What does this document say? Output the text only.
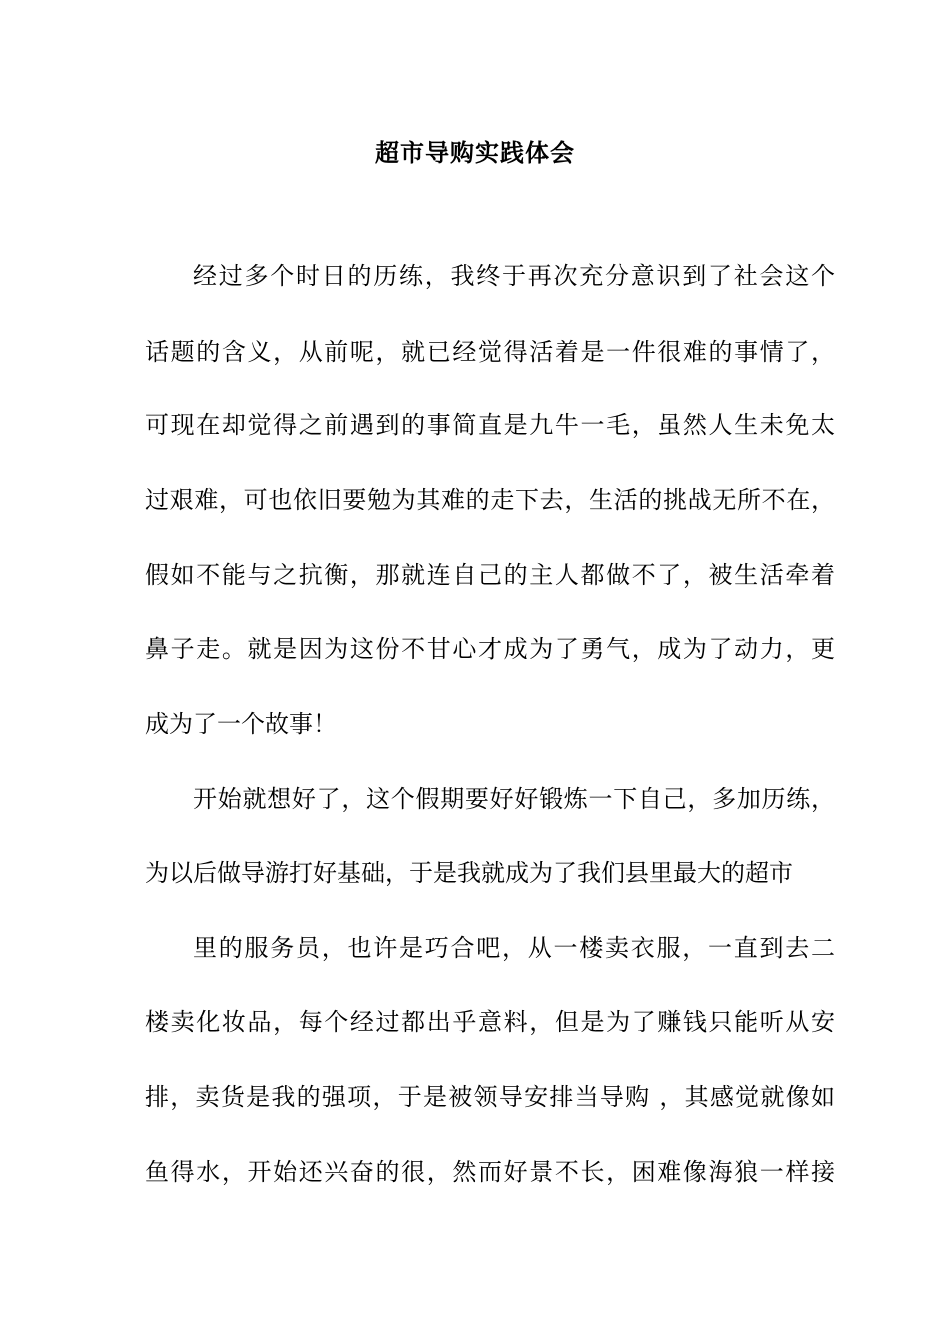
超市导购实践体会

经过多个时日的历练，我终于再次充分意识到了社会这个

话题的含义，从前呢，就已经觉得活着是一件很难的事情了，

可现在却觉得之前遇到的事简直是九牛一毛，虽然人生未免太

过艰难，可也依旧要勉为其难的走下去，生活的挑战无所不在，

假如不能与之抗衡，那就连自己的主人都做不了，被生活牵着

鼻子走。就是因为这份不甘心才成为了勇气，成为了动力，更

成为了一个故事！

开始就想好了，这个假期要好好锻炼一下自己，多加历练，

为以后做导游打好基础，于是我就成为了我们县里最大的超市

里的服务员，也许是巧合吧，从一楼卖衣服，一直到去二

楼卖化妆品，每个经过都出乎意料，但是为了赚钱只能听从安

排，卖货是我的强项，于是被领导安排当导购 ，其感觉就像如

鱼得水，开始还兴奋的很，然而好景不长，困难像海狼一样接
